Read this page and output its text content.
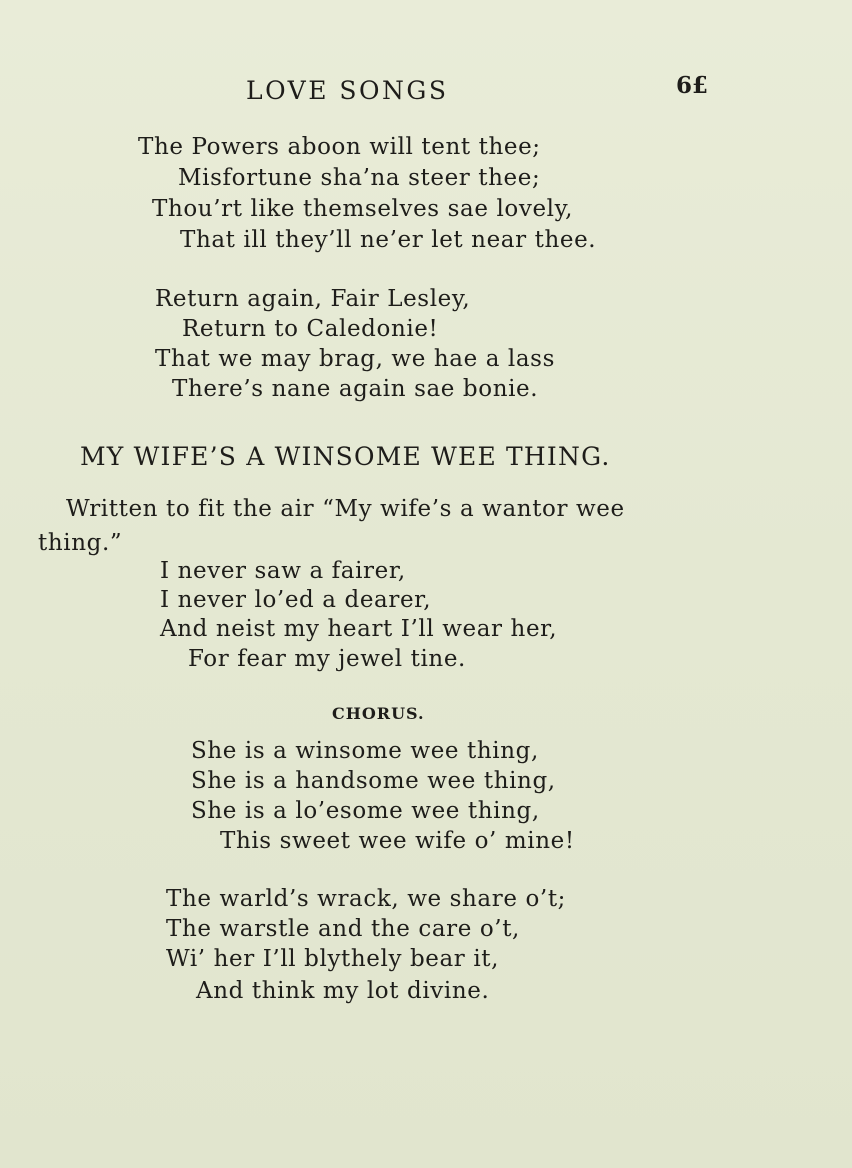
LOVE SONGS	6£
The Powers aboon will tent thee;
Misfortune sha’na steer thee;
Thou’rt like themselves sae lovely,
That ill they’ll ne’er let near thee.
Return again, Fair Lesley,
Return to Caledonie!
That we may brag, we hae a lass
There’s nane again sae bonie.
MY WIFE’S A WINSOME WEE THING.
Written to fit the air “My wife’s a wantor wee
thing.”
I never saw a fairer,
I never lo’ed a dearer,
And neist my heart I’ll wear her,
For fear my jewel tine.
CHORUS.
She is a winsome wee thing,
She is a handsome wee thing,
She is a lo’esome wee thing,
This sweet wee wife o’ mine!
The warld’s wrack, we share o’t;
The warstle and the care o’t,
Wi’ her I’ll blythely bear it,
And think my lot divine.
